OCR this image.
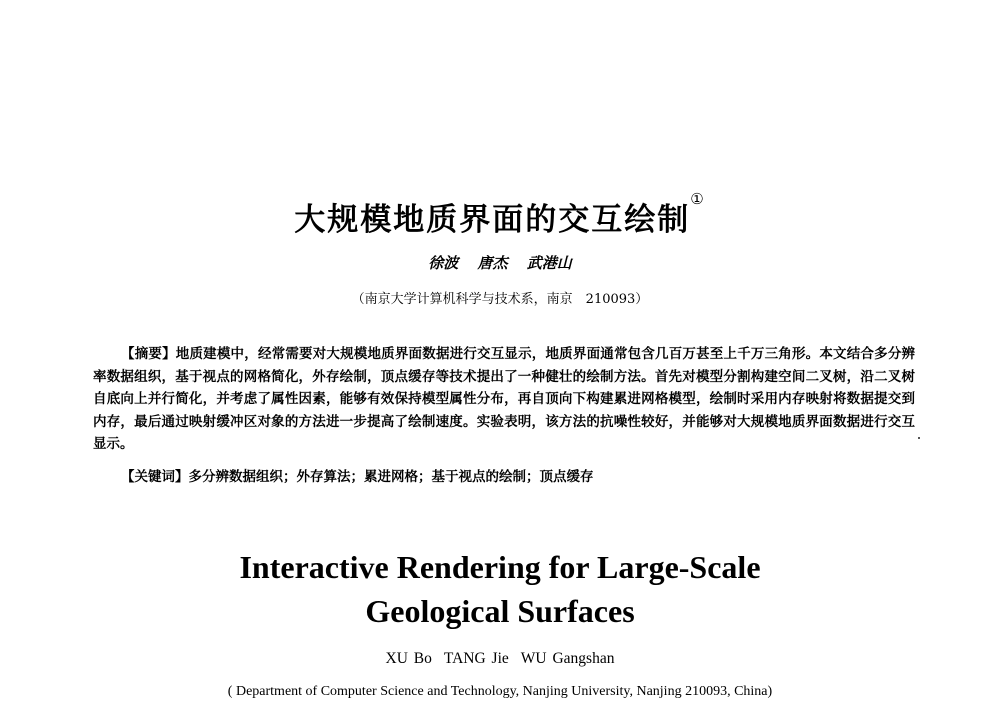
大规模地质界面的交互绘制①
徐波 唐杰 武港山
（南京大学计算机科学与技术系，南京　210093）
【摘要】地质建模中，经常需要对大规模地质界面数据进行交互显示，地质界面通常包含几百万甚至上千万三角形。本文结合多分辨率数据组织，基于视点的网格简化，外存绘制，顶点缓存等技术提出了一种健壮的绘制方法。首先对模型分割构建空间二叉树，沿二叉树自底向上并行简化，并考虑了属性因素，能够有效保持模型属性分布，再自顶向下构建累进网格模型，绘制时采用内存映射将数据提交到内存，最后通过映射缓冲区对象的方法进一步提高了绘制速度。实验表明，该方法的抗噪性较好，并能够对大规模地质界面数据进行交互显示。
【关键词】多分辨数据组织；外存算法；累进网格；基于视点的绘制；顶点缓存
Interactive Rendering for Large-Scale
Geological Surfaces
XU Bo TANG Jie WU Gangshan
( Department of Computer Science and Technology, Nanjing University, Nanjing 210093, China)
